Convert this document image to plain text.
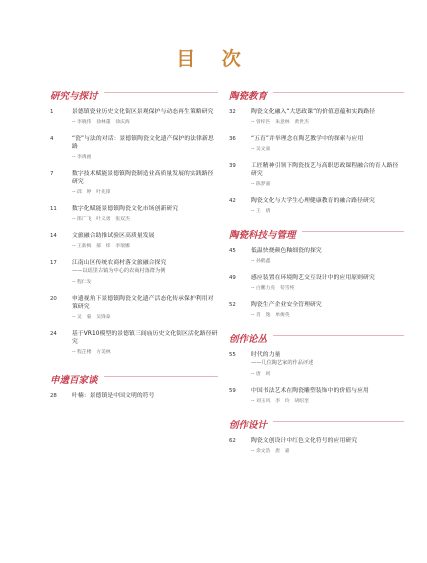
目 次
研究与探讨
1	景德镇瓷业历史文化街区景观保护与动态再生策略研究
-- 李晓伟　徐林董　徐庆海
4	“瓷”与法的对话：景德镇陶瓷文化遗产保护的法律新思路
-- 李禹函
7	数字技术赋能景德镇陶瓷制造业高质量发展的实践路径研究
-- 邱　婷　叶先锋
11	数字化赋能景德镇陶瓷文化市场创新研究
-- 郎广飞　叶义勇　张双杰
14	文旅融合助推试验区高质量发展
-- 王新梅　郝　炜　李瑞娜
17	江南山区传统农商村落文旅融合探究
——以瑶里古镇为中心的农商村落群为例
-- 程仁发
20	申遗视角下景德镇陶瓷文化遗产活态化传承保护利用对策研究
-- 吴　菊　吴锋泰
24	基于VR10模型的景德镇三闾庙历史文化街区活化路径研究
-- 程芷楼　方美林
申遗百家谈
28	叶楠：景德镇是中国文明的符号
陶瓷教育
32	陶瓷文化融入“大思政课”的价值意蕴和实践路径
-- 曾梓匹　朱意林　黄世杰
36	“五育”并举理念在陶艺教学中的探索与应用
-- 吴文東
39	工匠精神引领下陶瓷技艺与高职思政课程融合的育人路径研究
-- 陈梦嘉
42	陶瓷文化与大学生心理健康教育的融合路径研究
-- 王　倩
陶瓷科技与管理
45	低温快烧颜色釉细瓷的探究
-- 孙鹤鑫
49	感应装置在环境陶艺交互设计中的应用原则研究
-- 白鹏力克　苟雪纯
52	陶瓷生产企业安全管理研究
-- 肖　逸　单俊英
创作论丛
55	时代的力量
——几位陶艺家的作品评述
-- 唐　珂
59	中国书法艺术在陶瓷雕塑装饰中的价值与应用
-- 刘玉风　李　玲　胡绍奎
创作设计
62	陶瓷文创设计中红色文化符号的应用研究
-- 余文浩　唐　嘉
